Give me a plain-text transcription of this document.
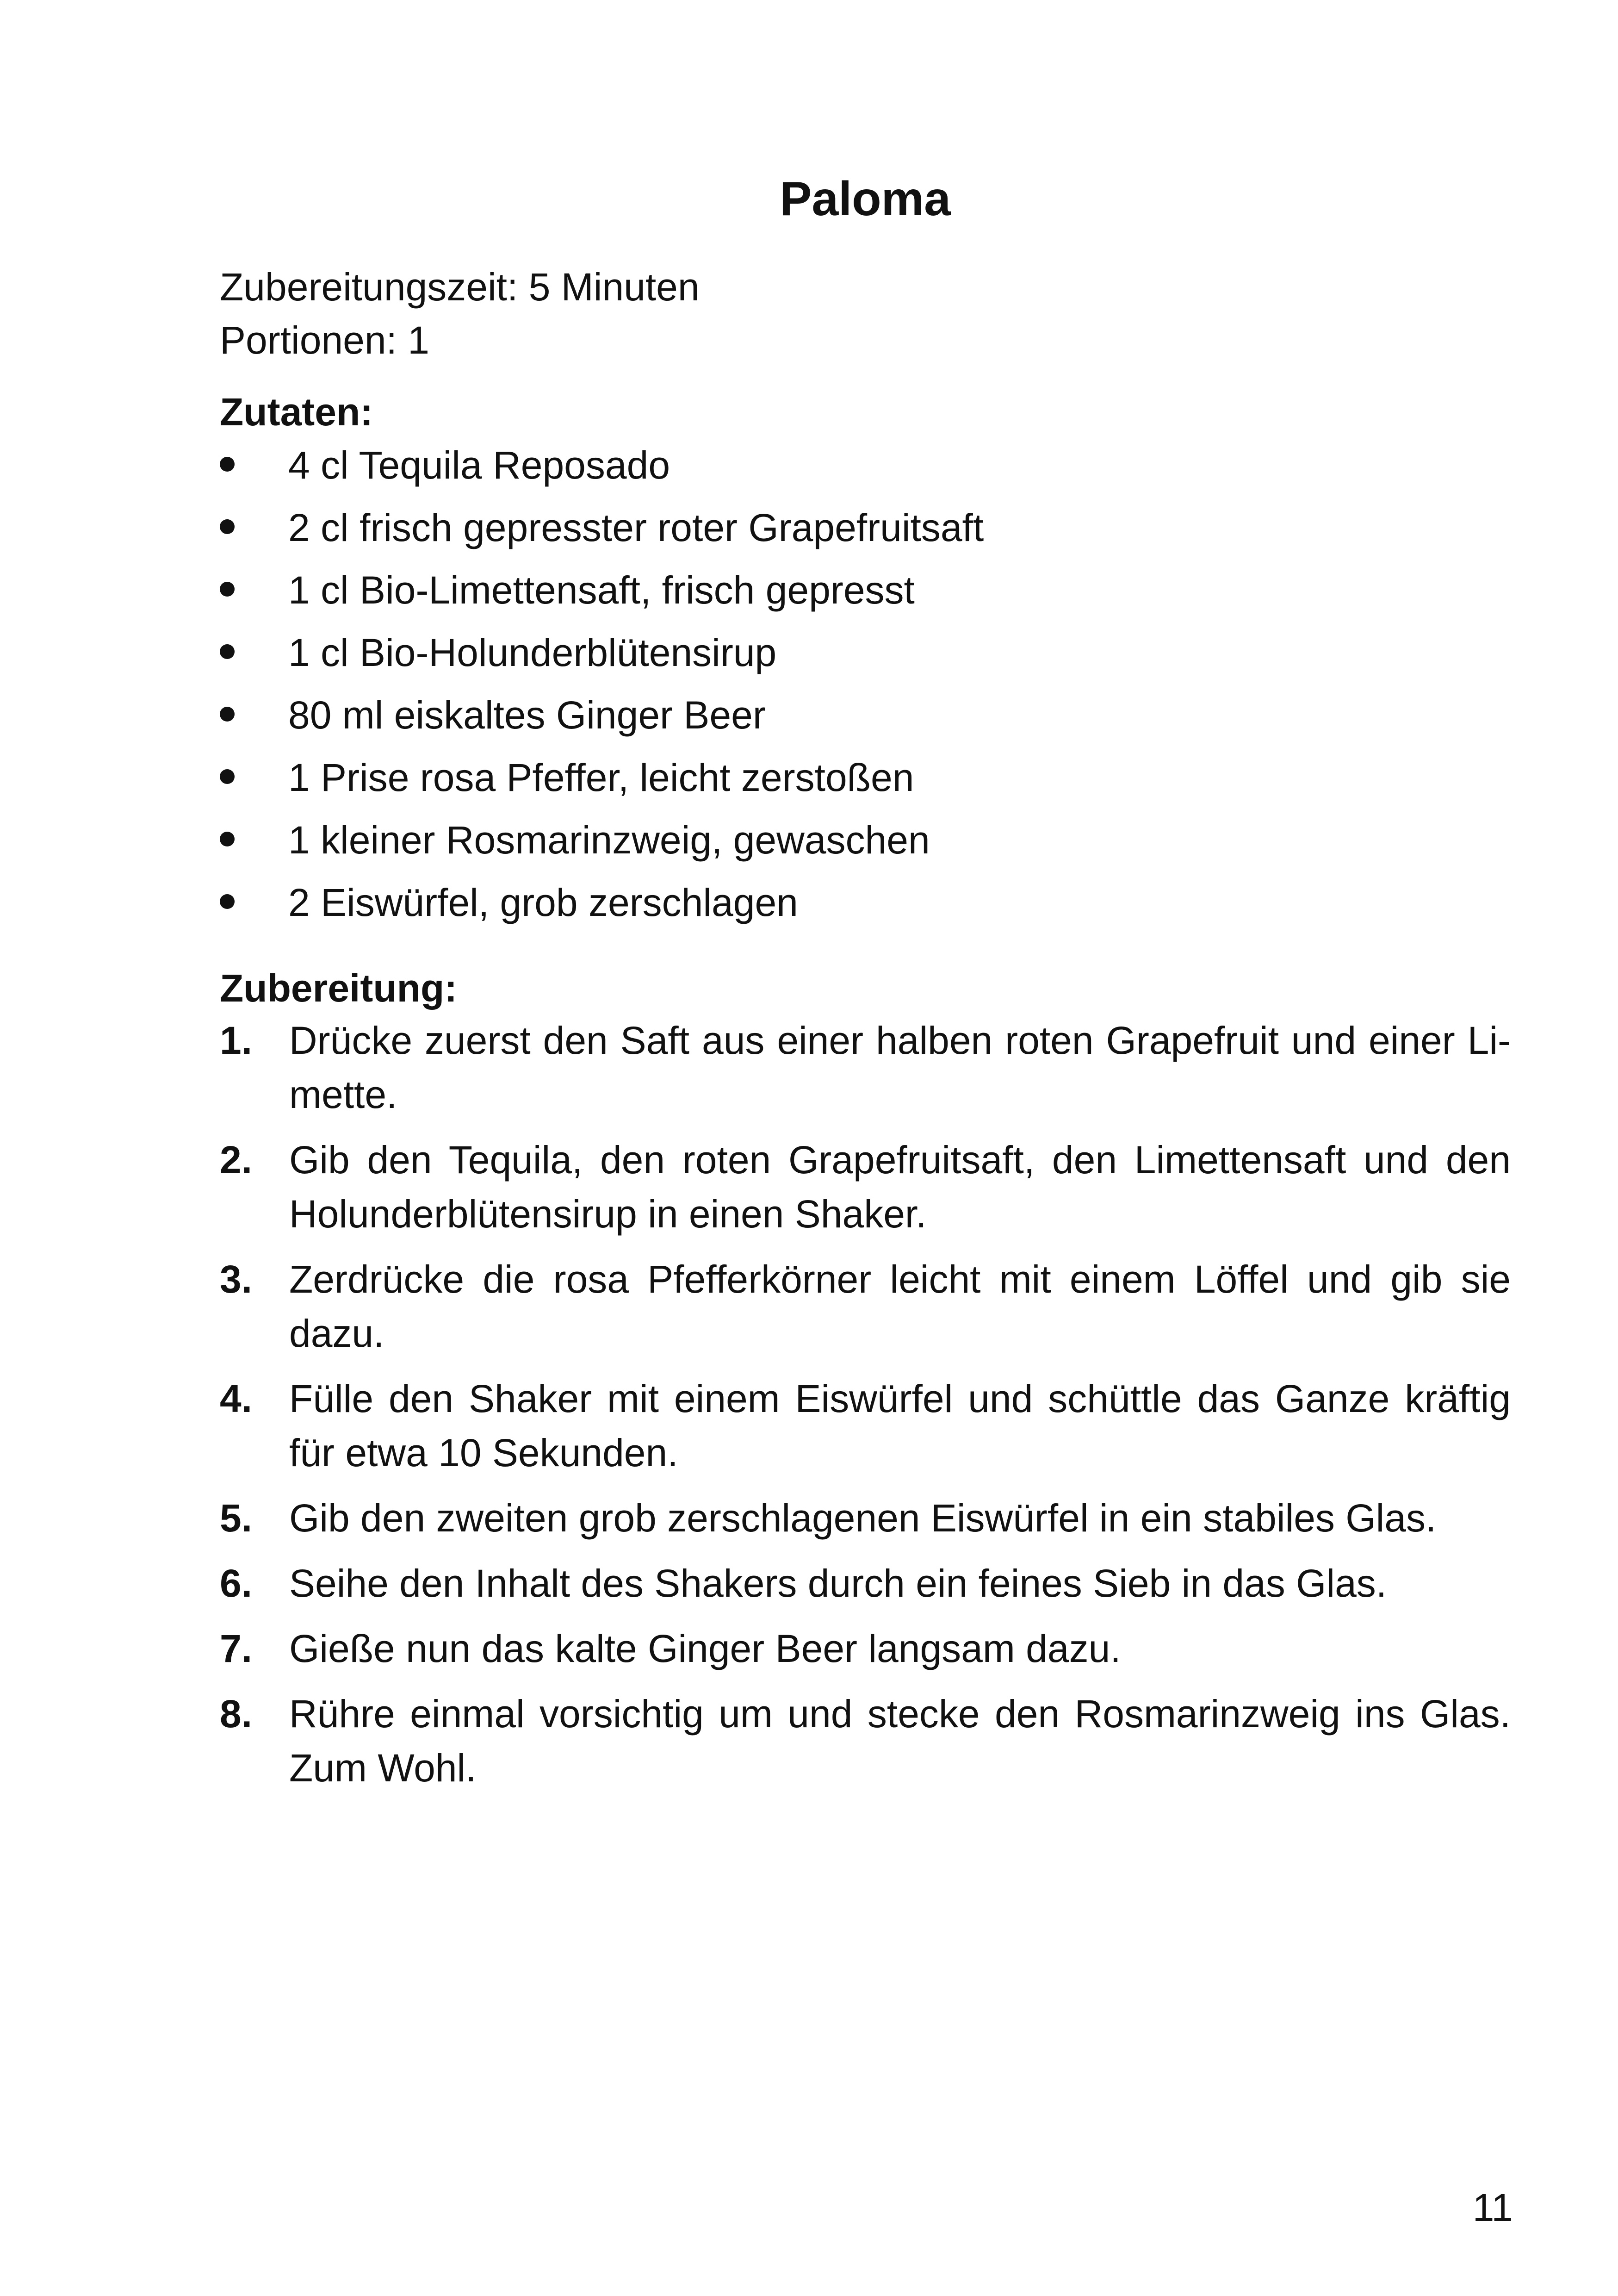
Paloma
Zubereitungszeit: 5 Minuten
Portionen: 1
Zutaten:
4 cl Tequila Reposado
2 cl frisch gepresster roter Grapefruitsaft
1 cl Bio-Limettensaft, frisch gepresst
1 cl Bio-Holunderblütensirup
80 ml eiskaltes Ginger Beer
1 Prise rosa Pfeffer, leicht zerstoßen
1 kleiner Rosmarinzweig, gewaschen
2 Eiswürfel, grob zerschlagen
Zubereitung:
1. Drücke zuerst den Saft aus einer halben roten Grapefruit und einer Limette.
2. Gib den Tequila, den roten Grapefruitsaft, den Limettensaft und den Holunderblütensirup in einen Shaker.
3. Zerdrücke die rosa Pfefferkörner leicht mit einem Löffel und gib sie dazu.
4. Fülle den Shaker mit einem Eiswürfel und schüttle das Ganze kräftig für etwa 10 Sekunden.
5. Gib den zweiten grob zerschlagenen Eiswürfel in ein stabiles Glas.
6. Seihe den Inhalt des Shakers durch ein feines Sieb in das Glas.
7. Gieße nun das kalte Ginger Beer langsam dazu.
8. Rühre einmal vorsichtig um und stecke den Rosmarinzweig ins Glas. Zum Wohl.
11
